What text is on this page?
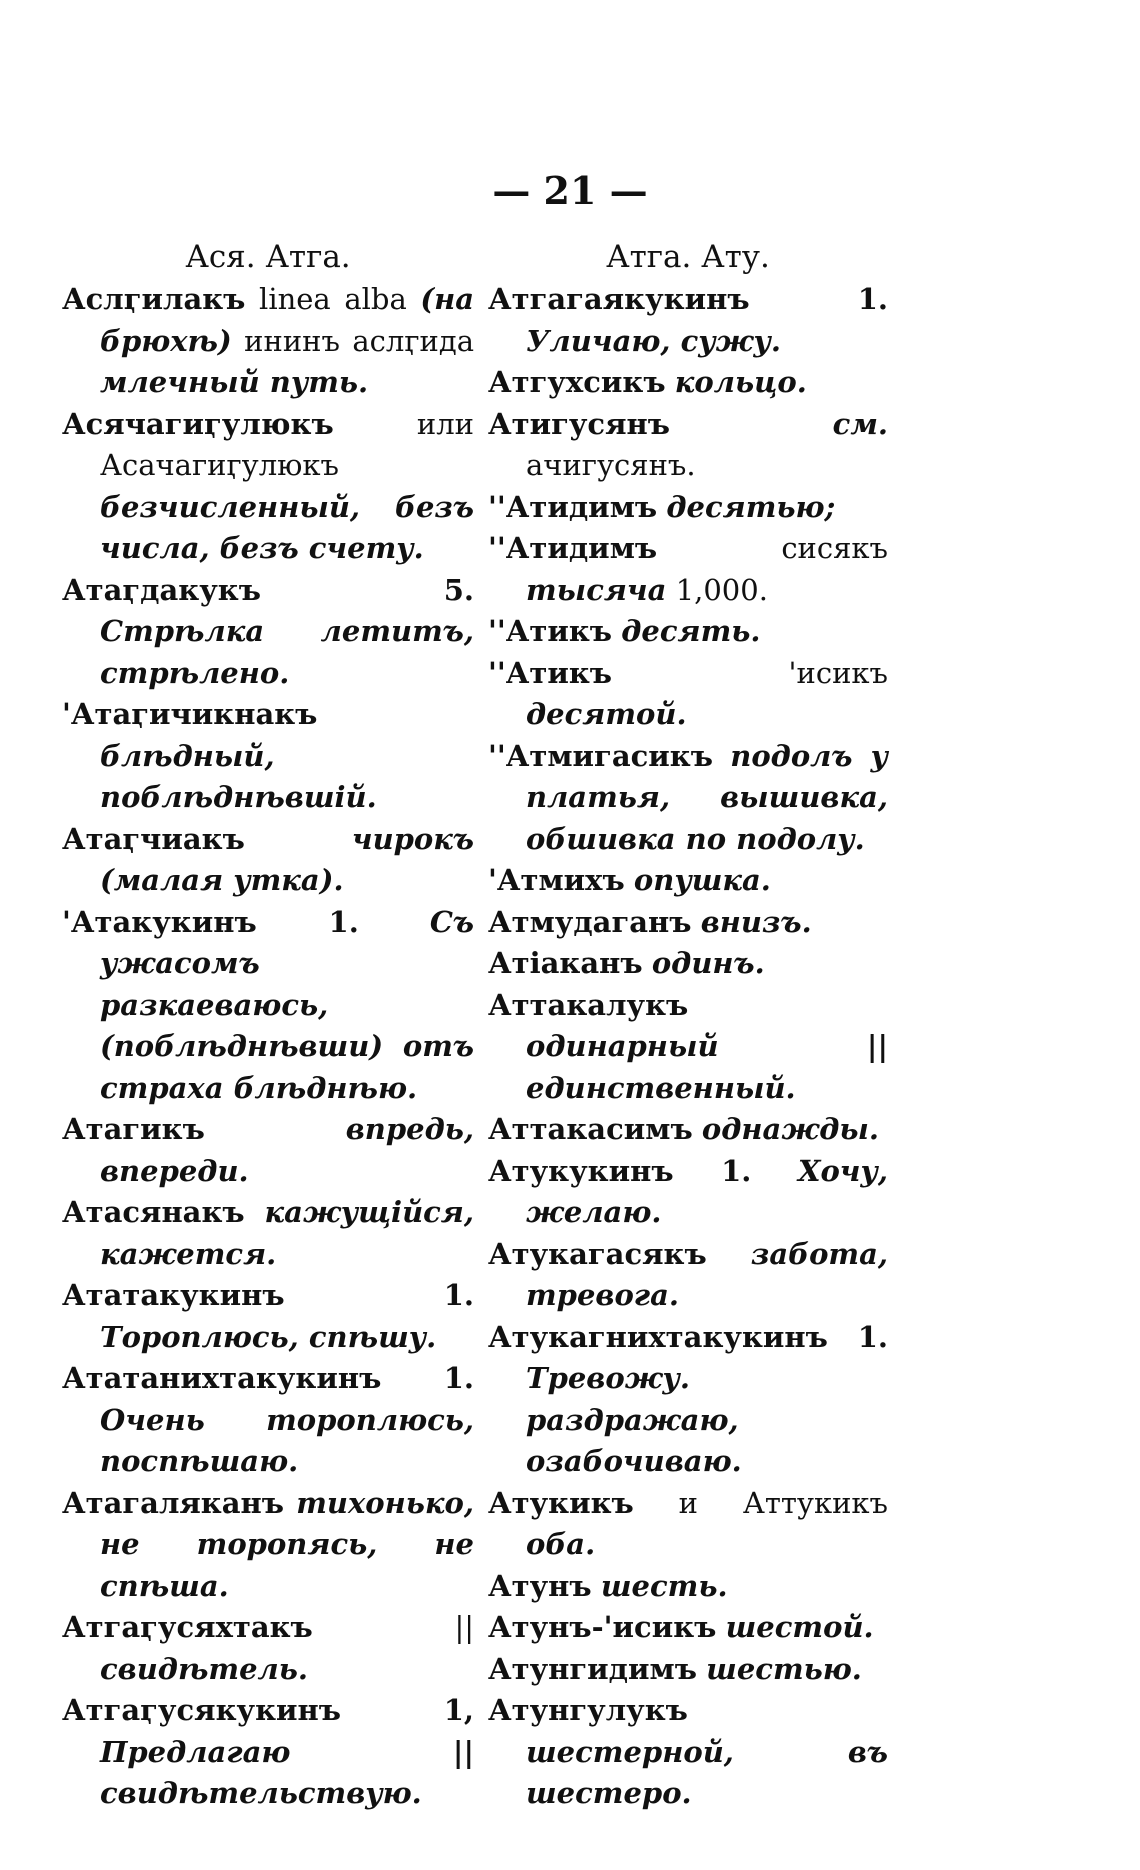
— 21 —
Ася. Атга.
Аслӷилакъ linea alba (на брюхѣ) ининъ аслӷида млечный путь.
Асячагиӷулюкъ	или Асачагиӷулюкъ безчисленный, безъ числа, безъ счету.
Атаӷдакукъ 5. Стрѣлка летитъ, стрѣлено.
'Атаӷичикнакъ блѣдный, поблѣднѣвшій.
Атаӷчиакъ	чирокъ (малая утка).
'Атакукинъ 1. Съ ужасомъ разкаеваюсь, (поблѣднѣвши) отъ страха блѣднѣю.
Атагикъ	впредь, впереди.
Атасянакъ кажущійся, кажется.
Ататакукинъ 1. Тороплюсь, спѣшу.
Ататанихтакукинъ 1. Очень тороплюсь, поспѣшаю.
Атагаляканъ тихонько, не торопясь, не спѣша.
Атгаӷусяхтакъ	|| свидѣтель.
Атгаӷусякукинъ 1, Предлагаю || свидѣтельствую.
Атга. Ату.
Атгагаякукинъ 1. Уличаю, сужу.
Атгухсикъ кольцо.
Атигусянъ	см. ачигусянъ.
''Атидимъ десятью;
''Атидимъ	сисякъ тысяча 1,000.
''Атикъ десять.
''Атикъ	'исикъ десятой.
''Атмигасикъ подолъ у платья, вышивка, обшивка по подолу.
'Атмихъ опушка.
Атмудаганъ внизъ.
Атіаканъ одинъ.
Аттакалукъ одинарный || единственный.
Аттакасимъ однажды.
Атукукинъ 1. Хочу, желаю.
Атукагасякъ забота, тревога.
Атукагнихтакукинъ 1. Тревожу. раздражаю, озабочиваю.
Атукикъ и Аттукикъ оба.
Атунъ шесть.
Атунъ-'исикъ шестой.
Атунгидимъ шестью.
Атунгулукъ шестерной, въ шестеро.
